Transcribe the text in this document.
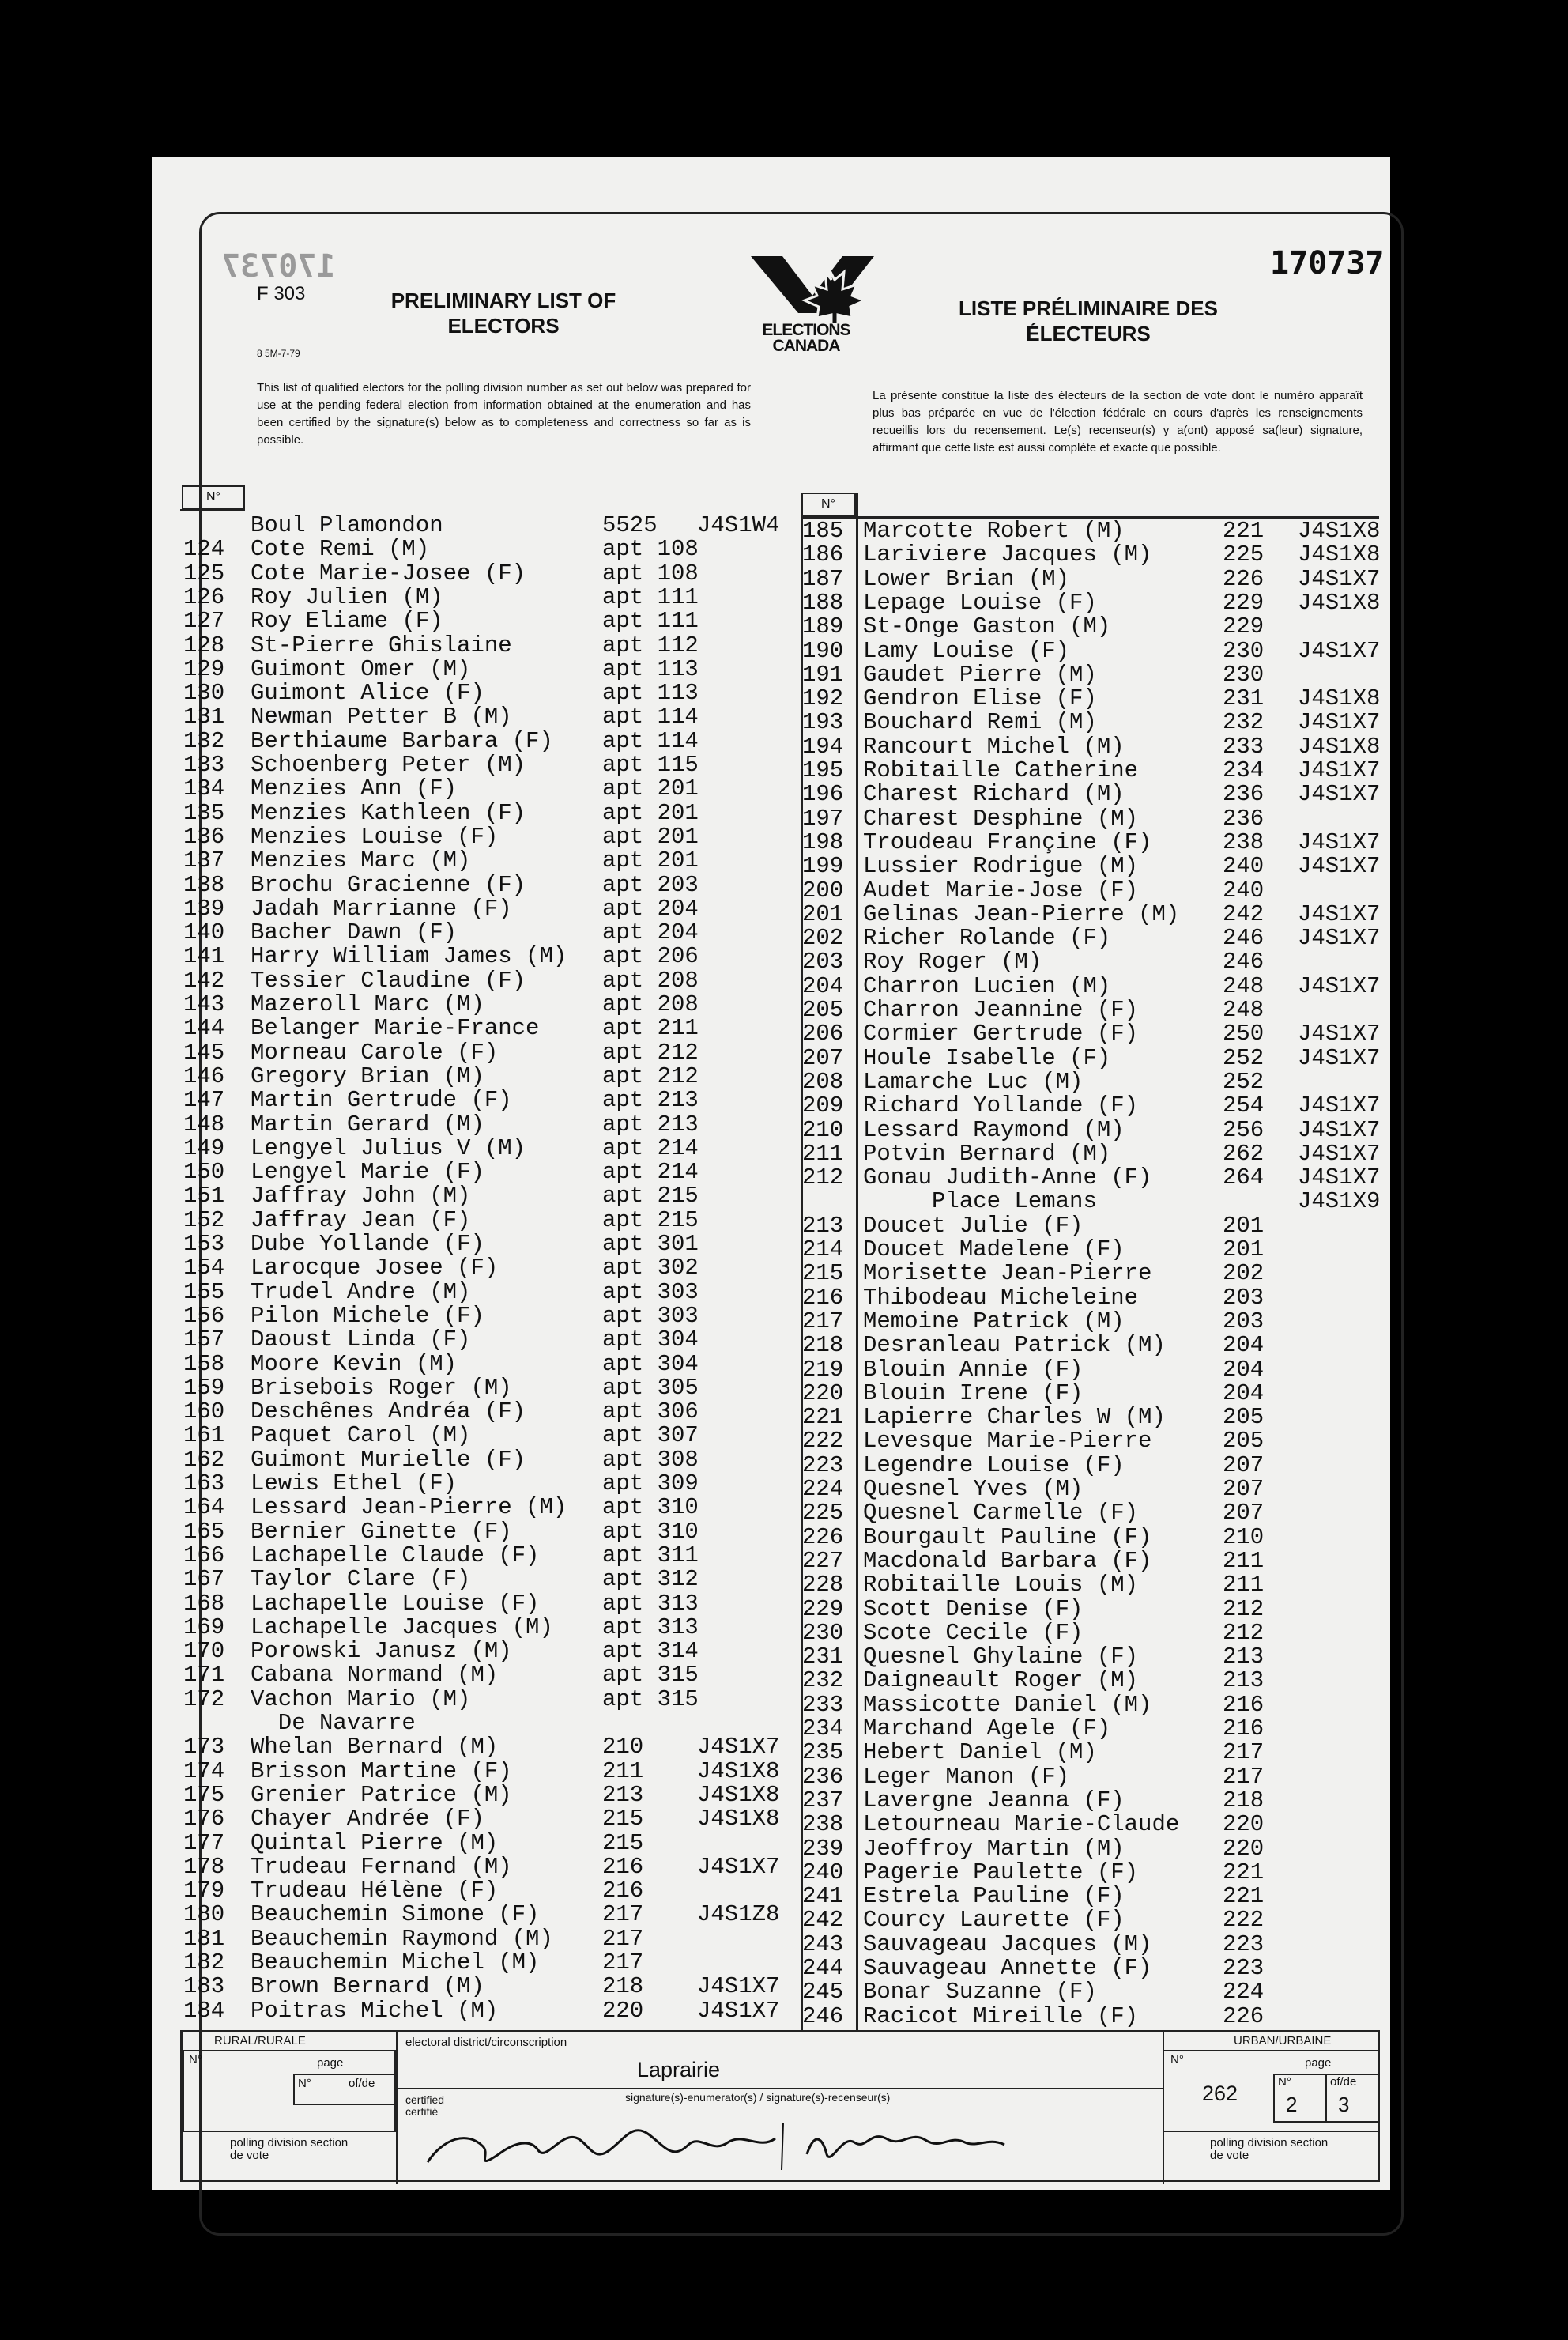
170737	170737
F 303
8 5M-7-79
PRELIMINARY LIST OF ELECTORS
LISTE PRÉLIMINAIRE DES ÉLECTEURS
ELECTIONS CANADA
This list of qualified electors for the polling division number as set out below was prepared for use at the pending federal election from information obtained at the enumeration and has been certified by the signature(s) below as to completeness and correctness so far as is possible.
La présente constitue la liste des électeurs de la section de vote dont le numéro apparaît plus bas préparée en vue de l'élection fédérale en cours d'après les renseignements recueillis lors du recensement. Le(s) recenseur(s) y a(ont) apposé sa(leur) signature, affirmant que cette liste est aussi complète et exacte que possible.
N°
N°
Boul Plamondon	5525 J4S1W4
124 Cote Remi (M)	apt 108
125 Cote Marie-Josee (F)	apt 108
126 Roy Julien (M)	apt 111
127 Roy Eliame (F)	apt 111
128 St-Pierre Ghislaine	apt 112
129 Guimont Omer (M)	apt 113
130 Guimont Alice (F)	apt 113
131 Newman Petter B (M)	apt 114
132 Berthiaume Barbara (F) apt 114
133 Schoenberg Peter (M)	apt 115
134 Menzies Ann (F)	apt 201
135 Menzies Kathleen (F)	apt 201
136 Menzies Louise (F)	apt 201
137 Menzies Marc (M)	apt 201
138 Brochu Gracienne (F)	apt 203
139 Jadah Marrianne (F)	apt 204
140 Bacher Dawn (F)	apt 204
141 Harry William James (M) apt 206
142 Tessier Claudine (F)	apt 208
143 Mazeroll Marc (M)	apt 208
144 Belanger Marie-France	apt 211
145 Morneau Carole (F)	apt 212
146 Gregory Brian (M)	apt 212
147 Martin Gertrude (F)	apt 213
148 Martin Gerard (M)	apt 213
149 Lengyel Julius V (M)	apt 214
150 Lengyel Marie (F)	apt 214
151 Jaffray John (M)	apt 215
152 Jaffray Jean (F)	apt 215
153 Dube Yollande (F)	apt 301
154 Larocque Josee (F)	apt 302
155 Trudel Andre (M)	apt 303
156 Pilon Michele (F)	apt 303
157 Daoust Linda (F)	apt 304
158 Moore Kevin (M)	apt 304
159 Brisebois Roger (M)	apt 305
160 Deschênes Andréa (F)	apt 306
161 Paquet Carol (M)	apt 307
162 Guimont Murielle (F)	apt 308
163 Lewis Ethel (F)	apt 309
164 Lessard Jean-Pierre (M) apt 310
165 Bernier Ginette (F)	apt 310
166 Lachapelle Claude (F)	apt 311
167 Taylor Clare (F)	apt 312
168 Lachapelle Louise (F)	apt 313
169 Lachapelle Jacques (M) apt 313
170 Porowski Janusz (M)	apt 314
171 Cabana Normand (M)	apt 315
172 Vachon Mario (M)	apt 315
De Navarre
173 Whelan Bernard (M)	210 J4S1X7
174 Brisson Martine (F)	211 J4S1X8
175 Grenier Patrice (M)	213 J4S1X8
176 Chayer Andrée (F)	215 J4S1X8
177 Quintal Pierre (M)	215
178 Trudeau Fernand (M)	216 J4S1X7
179 Trudeau Hélène (F)	216
180 Beauchemin Simone (F)	217 J4S1Z8
181 Beauchemin Raymond (M) 217
182 Beauchemin Michel (M)	217
183 Brown Bernard (M)	218 J4S1X7
184 Poitras Michel (M)	220 J4S1X7
185 Marcotte Robert (M)	221 J4S1X8
186 Lariviere Jacques (M)	225 J4S1X8
187 Lower Brian (M)	226 J4S1X7
188 Lepage Louise (F)	229 J4S1X8
189 St-Onge Gaston (M)	229
190 Lamy Louise (F)	230 J4S1X7
191 Gaudet Pierre (M)	230
192 Gendron Elise (F)	231 J4S1X8
193 Bouchard Remi (M)	232 J4S1X7
194 Rancourt Michel (M)	233 J4S1X8
195 Robitaille Catherine	234 J4S1X7
196 Charest Richard (M)	236 J4S1X7
197 Charest Desphine (M)	236
198 Troudeau Françine (F)	238 J4S1X7
199 Lussier Rodrigue (M)	240 J4S1X7
200 Audet Marie-Jose (F)	240
201 Gelinas Jean-Pierre (M) 242 J4S1X7
202 Richer Rolande (F)	246 J4S1X7
203 Roy Roger (M)	246
204 Charron Lucien (M)	248 J4S1X7
205 Charron Jeannine (F)	248
206 Cormier Gertrude (F)	250 J4S1X7
207 Houle Isabelle (F)	252 J4S1X7
208 Lamarche Luc (M)	252
209 Richard Yollande (F)	254 J4S1X7
210 Lessard Raymond (M)	256 J4S1X7
211 Potvin Bernard (M)	262 J4S1X7
212 Gonau Judith-Anne (F)	264 J4S1X7
Place Lemans	J4S1X9
213 Doucet Julie (F)	201
214 Doucet Madelene (F)	201
215 Morisette Jean-Pierre	202
216 Thibodeau Micheleine	203
217 Memoine Patrick (M)	203
218 Desranleau Patrick (M) 204
219 Blouin Annie (F)	204
220 Blouin Irene (F)	204
221 Lapierre Charles W (M) 205
222 Levesque Marie-Pierre	205
223 Legendre Louise (F)	207
224 Quesnel Yves (M)	207
225 Quesnel Carmelle (F)	207
226 Bourgault Pauline (F)	210
227 Macdonald Barbara (F)	211
228 Robitaille Louis (M)	211
229 Scott Denise (F)	212
230 Scote Cecile (F)	212
231 Quesnel Ghylaine (F)	213
232 Daigneault Roger (M)	213
233 Massicotte Daniel (M)	216
234 Marchand Agele (F)	216
235 Hebert Daniel (M)	217
236 Leger Manon (F)	217
237 Lavergne Jeanna (F)	218
238 Letourneau Marie-Claude 220
239 Jeoffroy Martin (M)	220
240 Pagerie Paulette (F)	221
241 Estrela Pauline (F)	221
242 Courcy Laurette (F)	222
243 Sauvageau Jacques (M)	223
244 Sauvageau Annette (F)	223
245 Bonar Suzanne (F)	224
246 Racicot Mireille (F)	226
RURAL/RURALE
N°	page
N°	of/de
polling division section de vote
electoral district/circonscription
Laprairie
certified certifié
signature(s)-enumerator(s) / signature(s)-recenseur(s)
URBAN/URBAINE
N°
262
page
N°	of/de
2 3
polling division section de vote
